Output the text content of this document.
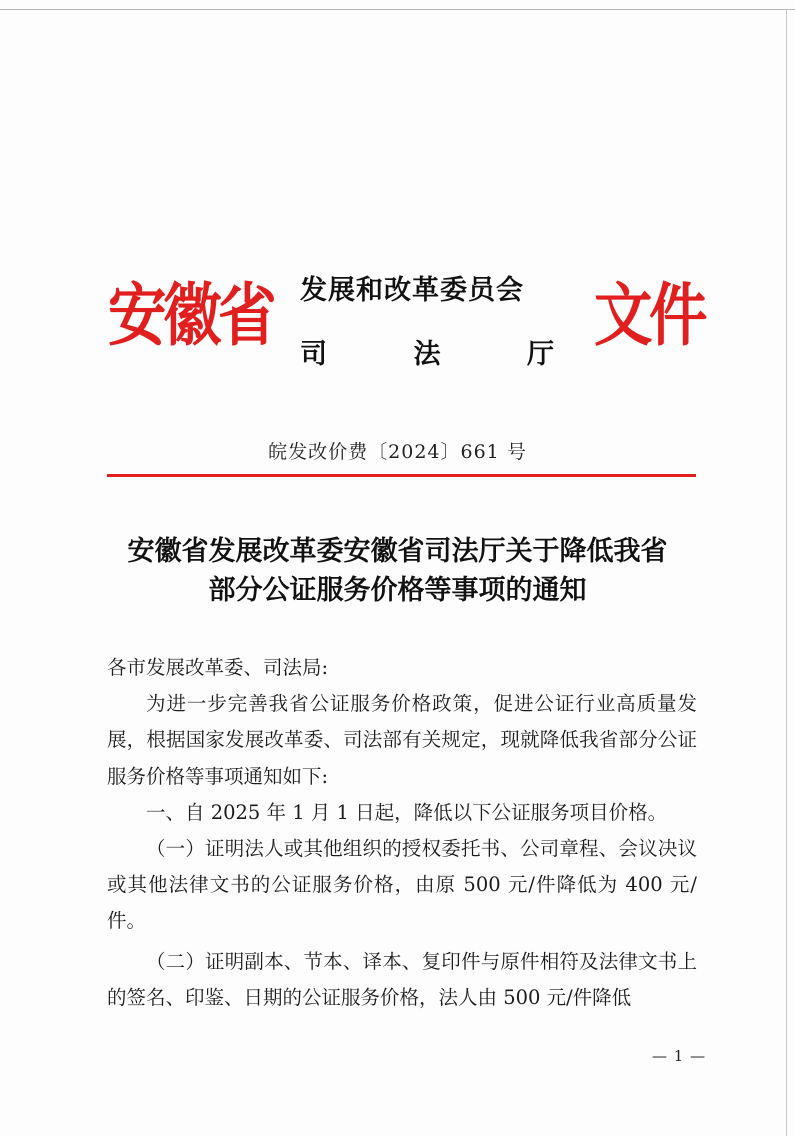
安徽省 发展和改革委员会
司	法	厅 文件
皖发改价费〔2024〕661 号
安徽省发展改革委安徽省司法厅关于降低我省
部分公证服务价格等事项的通知

各市发展改革委、司法局:

为进一步完善我省公证服务价格政策，促进公证行业高质量发展，根据国家发展改革委、司法部有关规定，现就降低我省部分公证服务价格等事项通知如下:

一、自 2025 年 1 月 1 日起，降低以下公证服务项目价格。

（一）证明法人或其他组织的授权委托书、公司章程、会议决议或其他法律文书的公证服务价格，由原 500 元/件降低为 400 元/件。

（二）证明副本、节本、译本、复印件与原件相符及法律文书上的签名、印鉴、日期的公证服务价格，法人由 500 元/件降低

— 1 —
